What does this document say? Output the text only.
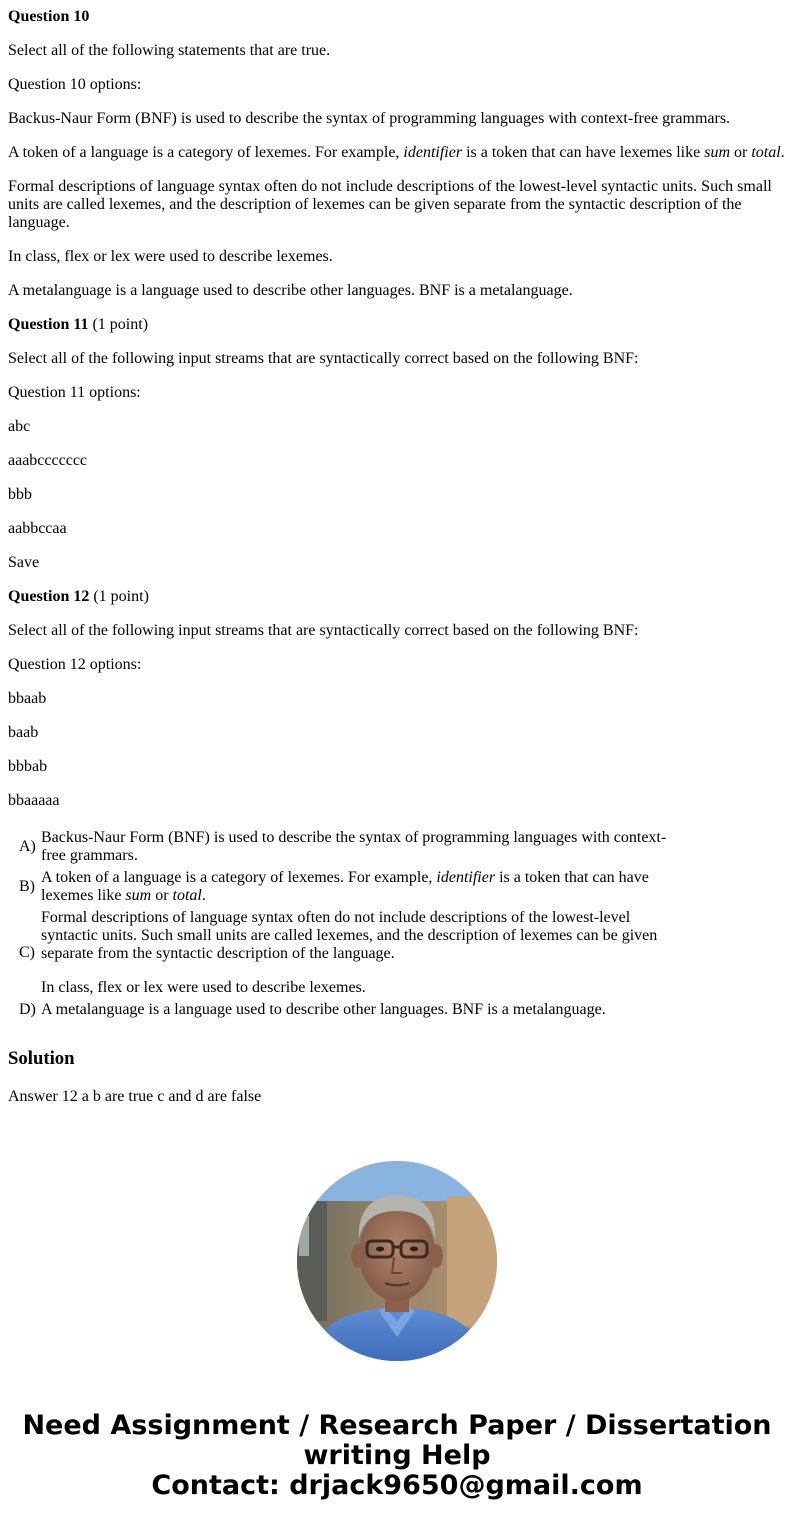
Question 10

Select all of the following statements that are true.

Question 10 options:

Backus-Naur Form (BNF) is used to describe the syntax of programming languages with context-free grammars.

A token of a language is a category of lexemes. For example, identifier is a token that can have lexemes like sum or total.

Formal descriptions of language syntax often do not include descriptions of the lowest-level syntactic units. Such small units are called lexemes, and the description of lexemes can be given separate from the syntactic description of the language.

In class, flex or lex were used to describe lexemes.

A metalanguage is a language used to describe other languages. BNF is a metalanguage.

Question 11 (1 point)

Select all of the following input streams that are syntactically correct based on the following BNF:

Question 11 options:

abc

aaabccccccc

bbb

aabbccaa

Save

Question 12 (1 point)

Select all of the following input streams that are syntactically correct based on the following BNF:

Question 12 options:

bbaab

baab

bbbab

bbaaaaa

A)	Backus-Naur Form (BNF) is used to describe the syntax of programming languages with context-free grammars.

B)	A token of a language is a category of lexemes. For example, identifier is a token that can have lexemes like sum or total.

C)	Formal descriptions of language syntax often do not include descriptions of the lowest-level syntactic units. Such small units are called lexemes, and the description of lexemes can be given separate from the syntactic description of the language.

In class, flex or lex were used to describe lexemes.

D)	A metalanguage is a language used to describe other languages. BNF is a metalanguage.

Solution

Answer 12 a b are true c and d are false

Need Assignment / Research Paper / Dissertation
writing Help
Contact: drjack9650@gmail.com
